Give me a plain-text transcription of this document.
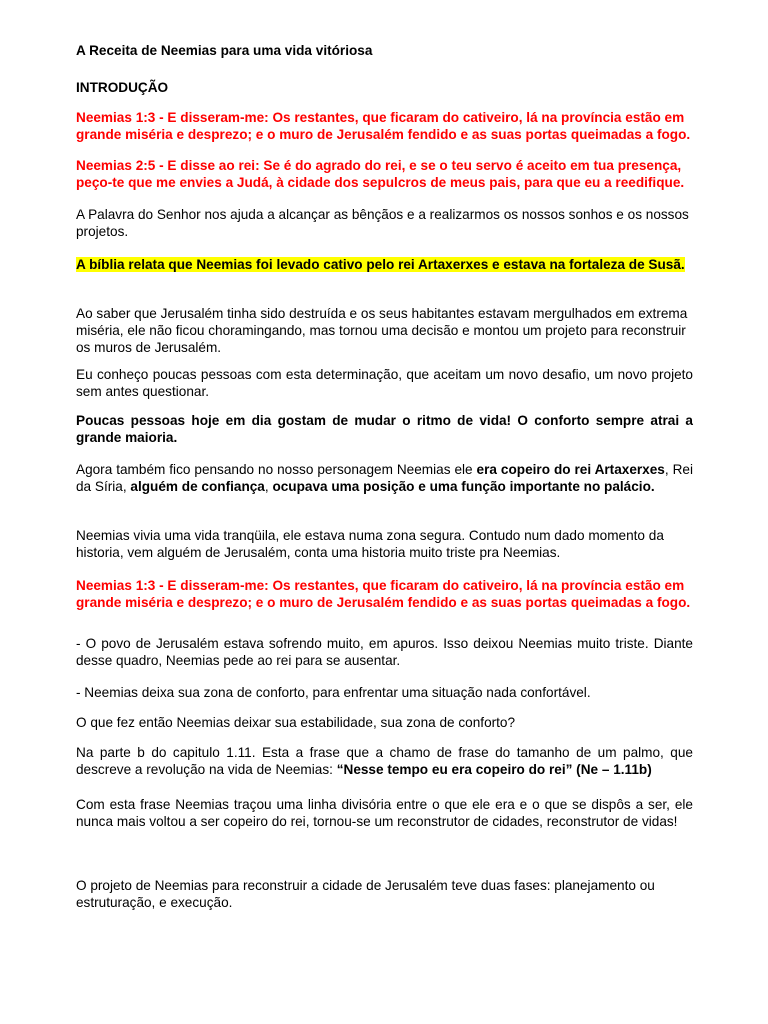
A Receita de Neemias para uma vida vitóriosa

INTRODUÇÃO

Neemias 1:3 - E disseram-me: Os restantes, que ficaram do cativeiro, lá na província estão em grande miséria e desprezo; e o muro de Jerusalém fendido e as suas portas queimadas a fogo.

Neemias 2:5 - E disse ao rei: Se é do agrado do rei, e se o teu servo é aceito em tua presença, peço-te que me envies a Judá, à cidade dos sepulcros de meus pais, para que eu a reedifique.

A Palavra do Senhor nos ajuda a alcançar as bênçãos e a realizarmos os nossos sonhos e os nossos projetos.

A bíblia relata que Neemias foi levado cativo pelo rei Artaxerxes e estava na fortaleza de Susã.

Ao saber que Jerusalém tinha sido destruída e os seus habitantes estavam mergulhados em extrema miséria, ele não ficou choramingando, mas tornou uma decisão e montou um projeto para reconstruir os muros de Jerusalém.

Eu conheço poucas pessoas com esta determinação, que aceitam um novo desafio, um novo projeto sem antes questionar.

Poucas pessoas hoje em dia gostam de mudar o ritmo de vida! O conforto sempre atrai a grande maioria.

Agora também fico pensando no nosso personagem Neemias ele era copeiro do rei Artaxerxes, Rei da Síria, alguém de confiança, ocupava uma posição e uma função importante no palácio.

Neemias vivia uma vida tranqüila, ele estava numa zona segura. Contudo num dado momento da historia, vem alguém de Jerusalém, conta uma historia muito triste pra Neemias.

Neemias 1:3 - E disseram-me: Os restantes, que ficaram do cativeiro, lá na província estão em grande miséria e desprezo; e o muro de Jerusalém fendido e as suas portas queimadas a fogo.

- O povo de Jerusalém estava sofrendo muito, em apuros. Isso deixou Neemias muito triste. Diante desse quadro, Neemias pede ao rei para se ausentar.

- Neemias deixa sua zona de conforto, para enfrentar uma situação nada confortável.

O que fez então Neemias deixar sua estabilidade, sua zona de conforto?

Na parte b do capitulo 1.11. Esta a frase que a chamo de frase do tamanho de um palmo, que descreve a revolução na vida de Neemias: “Nesse tempo eu era copeiro do rei” (Ne – 1.11b)

Com esta frase Neemias traçou uma linha divisória entre o que ele era e o que se dispôs a ser, ele nunca mais voltou a ser copeiro do rei, tornou-se um reconstrutor de cidades, reconstrutor de vidas!

O projeto de Neemias para reconstruir a cidade de Jerusalém teve duas fases: planejamento ou estruturação, e execução.
